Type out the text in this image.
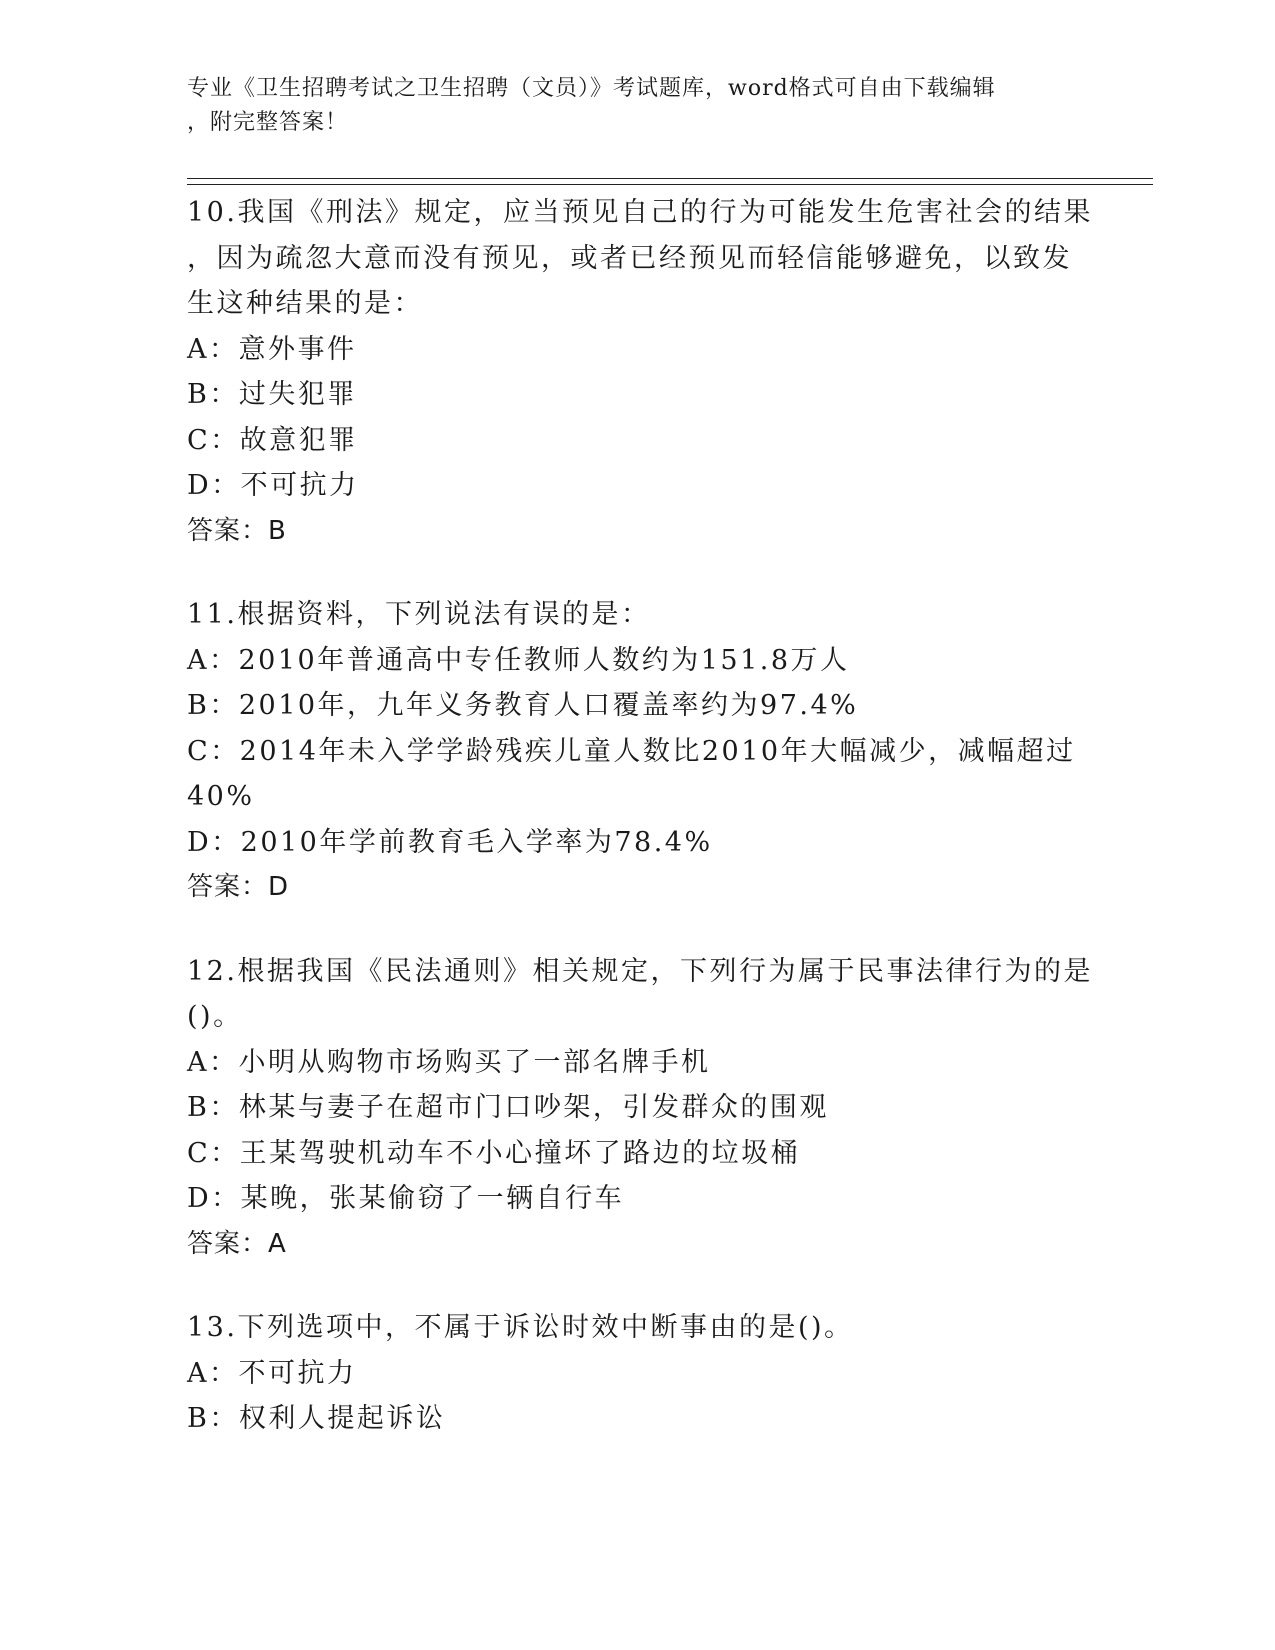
专业《卫生招聘考试之卫生招聘（文员）》考试题库，word格式可自由下载编辑
，附完整答案！
10.我国《刑法》规定，应当预见自己的行为可能发生危害社会的结果
，因为疏忽大意而没有预见，或者已经预见而轻信能够避免，以致发
生这种结果的是：
A：意外事件
B：过失犯罪
C：故意犯罪
D：不可抗力
答案：B
11.根据资料，下列说法有误的是：
A：2010年普通高中专任教师人数约为151.8万人
B：2010年，九年义务教育人口覆盖率约为97.4%
C：2014年未入学学龄残疾儿童人数比2010年大幅减少，减幅超过
40%
D：2010年学前教育毛入学率为78.4%
答案：D
12.根据我国《民法通则》相关规定，下列行为属于民事法律行为的是
()。
A：小明从购物市场购买了一部名牌手机
B：林某与妻子在超市门口吵架，引发群众的围观
C：王某驾驶机动车不小心撞坏了路边的垃圾桶
D：某晚，张某偷窃了一辆自行车
答案：A
13.下列选项中，不属于诉讼时效中断事由的是()。
A：不可抗力
B：权利人提起诉讼
